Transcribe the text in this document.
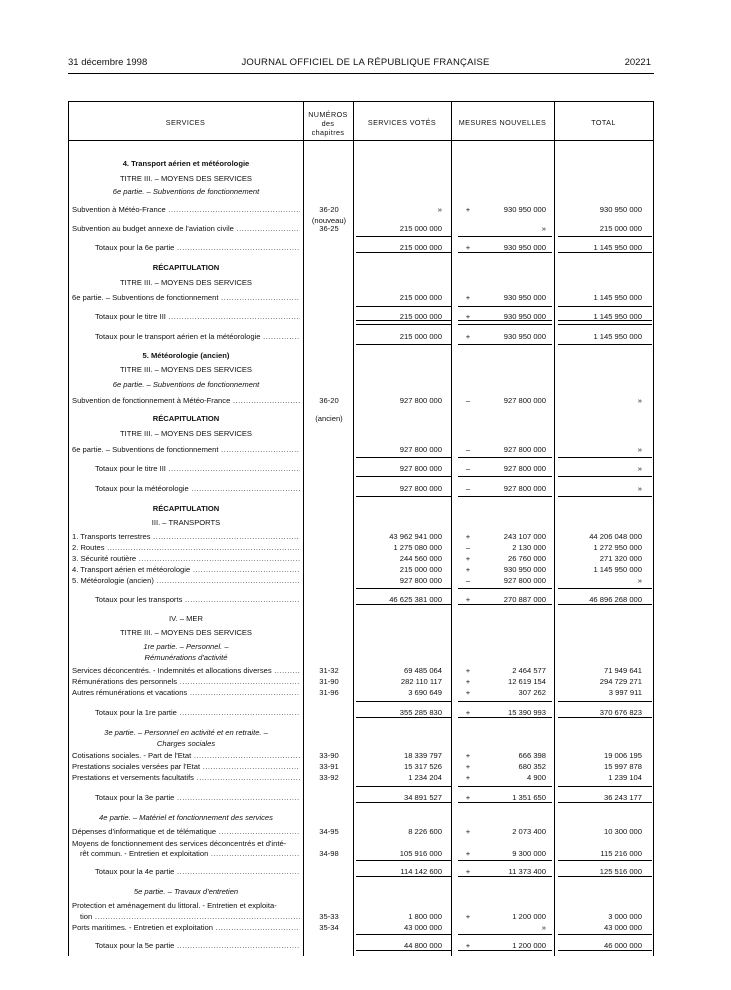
31 décembre 1998	JOURNAL OFFICIEL DE LA RÉPUBLIQUE FRANÇAISE	20221
SERVICES
NUMÉROS
des
chapitres
SERVICES VOTÉS	MESURES NOUVELLES	TOTAL
4. Transport aérien et météorologie
TITRE III. – MOYENS DES SERVICES
6e partie. – Subventions de fonctionnement
Subvention à Météo-France .....	36-20	»	+	930 950 000	930 950 000
(nouveau)
Subvention au budget annexe de l'aviation civile .....	36-25	215 000 000	»	215 000 000
Totaux pour la 6e partie .....	215 000 000	+	930 950 000	1 145 950 000
RÉCAPITULATION
TITRE III. – MOYENS DES SERVICES
6e partie. – Subventions de fonctionnement .....	215 000 000	+	930 950 000	1 145 950 000
Totaux pour le titre III .....	215 000 000	+	930 950 000	1 145 950 000
Totaux pour le transport aérien et la météorologie .....	215 000 000	+	930 950 000	1 145 950 000
5. Météorologie (ancien)
TITRE III. – MOYENS DES SERVICES
6e partie. – Subventions de fonctionnement
Subvention de fonctionnement à Météo-France .....	36-20	927 800 000	–	927 800 000	»
RÉCAPITULATION	(ancien)
TITRE III. – MOYENS DES SERVICES
6e partie. – Subventions de fonctionnement .....	927 800 000	–	927 800 000	»
Totaux pour le titre III .....	927 800 000	–	927 800 000	»
Totaux pour la météorologie .....	927 800 000	–	927 800 000	»
RÉCAPITULATION
III. – TRANSPORTS
1. Transports terrestres .....	43 962 941 000	+	243 107 000	44 206 048 000
2. Routes .....	1 275 080 000	–	2 130 000	1 272 950 000
3. Sécurité routière .....	244 560 000	+	26 760 000	271 320 000
4. Transport aérien et météorologie .....	215 000 000	+	930 950 000	1 145 950 000
5. Météorologie (ancien) .....	927 800 000	–	927 800 000	»
Totaux pour les transports .....	46 625 381 000	+	270 887 000	46 896 268 000
IV. – MER
TITRE III. – MOYENS DES SERVICES
1re partie. – Personnel. –
Rémunérations d'activité
Services déconcentrés. - Indemnités et allocations diverses .....	31-32	69 485 064	+	2 464 577	71 949 641
Rémunérations des personnels .....	31-90	282 110 117	+	12 619 154	294 729 271
Autres rémunérations et vacations .....	31-96	3 690 649	+	307 262	3 997 911
Totaux pour la 1re partie .....	355 285 830	+	15 390 993	370 676 823
3e partie. – Personnel en activité et en retraite. –
Charges sociales
Cotisations sociales. - Part de l'Etat .....	33-90	18 339 797	+	666 398	19 006 195
Prestations sociales versées par l'Etat .....	33-91	15 317 526	+	680 352	15 997 878
Prestations et versements facultatifs .....	33-92	1 234 204	+	4 900	1 239 104
Totaux pour la 3e partie .....	34 891 527	+	1 351 650	36 243 177
4e partie. – Matériel et fonctionnement des services
Dépenses d'informatique et de télématique .....	34-95	8 226 600	+	2 073 400	10 300 000
Moyens de fonctionnement des services déconcentrés et d'inté-
rêt commun. - Entretien et exploitation .....	34-98	105 916 000	+	9 300 000	115 216 000
Totaux pour la 4e partie .....	114 142 600	+	11 373 400	125 516 000
5e partie. – Travaux d'entretien
Protection et aménagement du littoral. - Entretien et exploita-
tion .....	35-33	1 800 000	+	1 200 000	3 000 000
Ports maritimes. - Entretien et exploitation .....	35-34	43 000 000	»	43 000 000
Totaux pour la 5e partie .....	44 800 000	+	1 200 000	46 000 000
